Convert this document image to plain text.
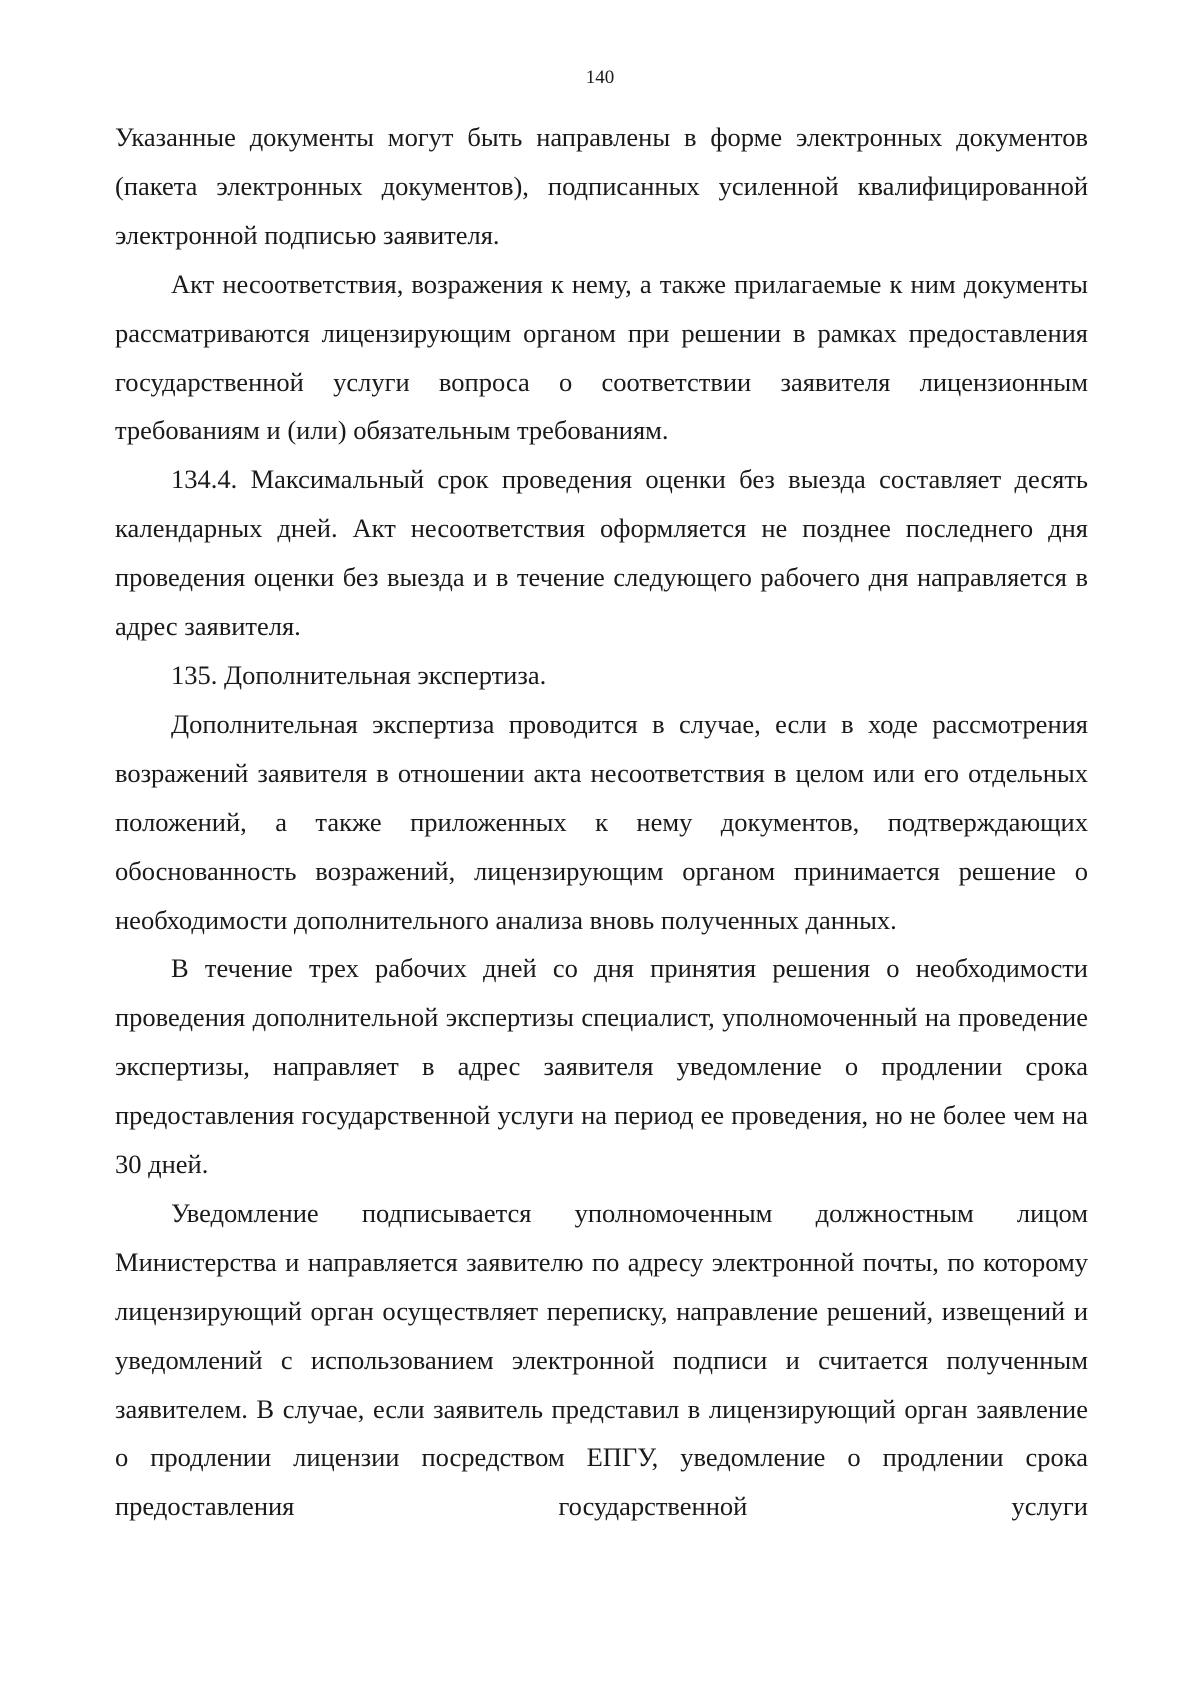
140

Указанные документы могут быть направлены в форме электронных документов (пакета электронных документов), подписанных усиленной квалифицированной электронной подписью заявителя.

Акт несоответствия, возражения к нему, а также прилагаемые к ним документы рассматриваются лицензирующим органом при решении в рамках предоставления государственной услуги вопроса о соответствии заявителя лицензионным требованиям и (или) обязательным требованиям.

134.4. Максимальный срок проведения оценки без выезда составляет десять календарных дней. Акт несоответствия оформляется не позднее последнего дня проведения оценки без выезда и в течение следующего рабочего дня направляется в адрес заявителя.

135. Дополнительная экспертиза.

Дополнительная экспертиза проводится в случае, если в ходе рассмотрения возражений заявителя в отношении акта несоответствия в целом или его отдельных положений, а также приложенных к нему документов, подтверждающих обоснованность возражений, лицензирующим органом принимается решение о необходимости дополнительного анализа вновь полученных данных.

В течение трех рабочих дней со дня принятия решения о необходимости проведения дополнительной экспертизы специалист, уполномоченный на проведение экспертизы, направляет в адрес заявителя уведомление о продлении срока предоставления государственной услуги на период ее проведения, но не более чем на 30 дней.

Уведомление подписывается уполномоченным должностным лицом Министерства и направляется заявителю по адресу электронной почты, по которому лицензирующий орган осуществляет переписку, направление решений, извещений и уведомлений с использованием электронной подписи и считается полученным заявителем. В случае, если заявитель представил в лицензирующий орган заявление о продлении лицензии посредством ЕПГУ, уведомление о продлении срока предоставления государственной услуги
